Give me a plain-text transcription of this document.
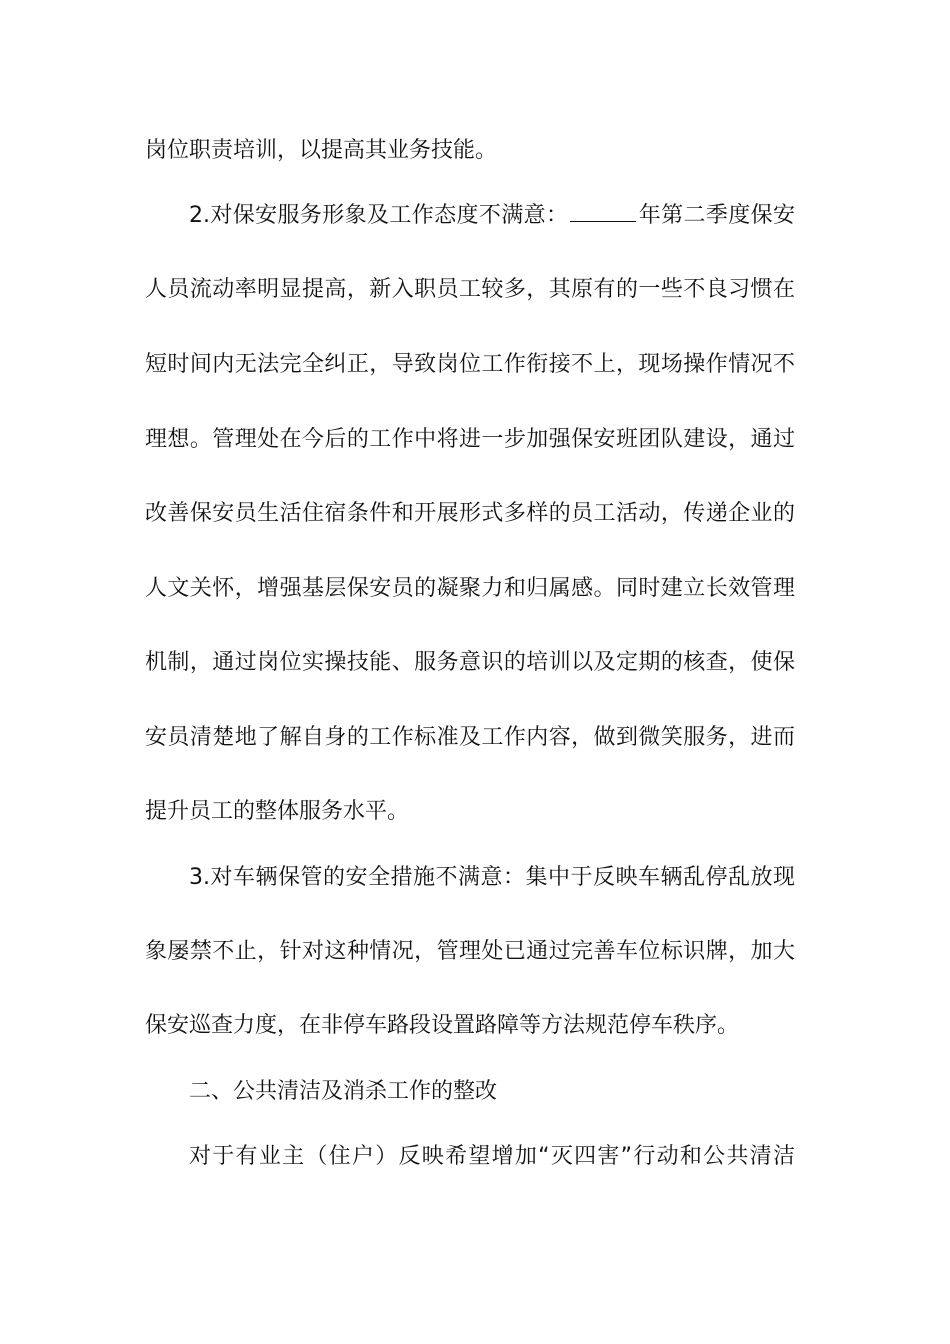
岗位职责培训，以提高其业务技能。
2.对保安服务形象及工作态度不满意：	年第二季度保安
人员流动率明显提高，新入职员工较多，其原有的一些不良习惯在
短时间内无法完全纠正，导致岗位工作衔接不上，现场操作情况不
理想。管理处在今后的工作中将进一步加强保安班团队建设，通过
改善保安员生活住宿条件和开展形式多样的员工活动，传递企业的
人文关怀，增强基层保安员的凝聚力和归属感。同时建立长效管理
机制，通过岗位实操技能、服务意识的培训以及定期的核查，使保
安员清楚地了解自身的工作标准及工作内容，做到微笑服务，进而
提升员工的整体服务水平。
3.对车辆保管的安全措施不满意：集中于反映车辆乱停乱放现
象屡禁不止，针对这种情况，管理处已通过完善车位标识牌，加大
保安巡查力度，在非停车路段设置路障等方法规范停车秩序。
二、公共清洁及消杀工作的整改
对于有业主（住户）反映希望增加“灭四害”行动和公共清洁
